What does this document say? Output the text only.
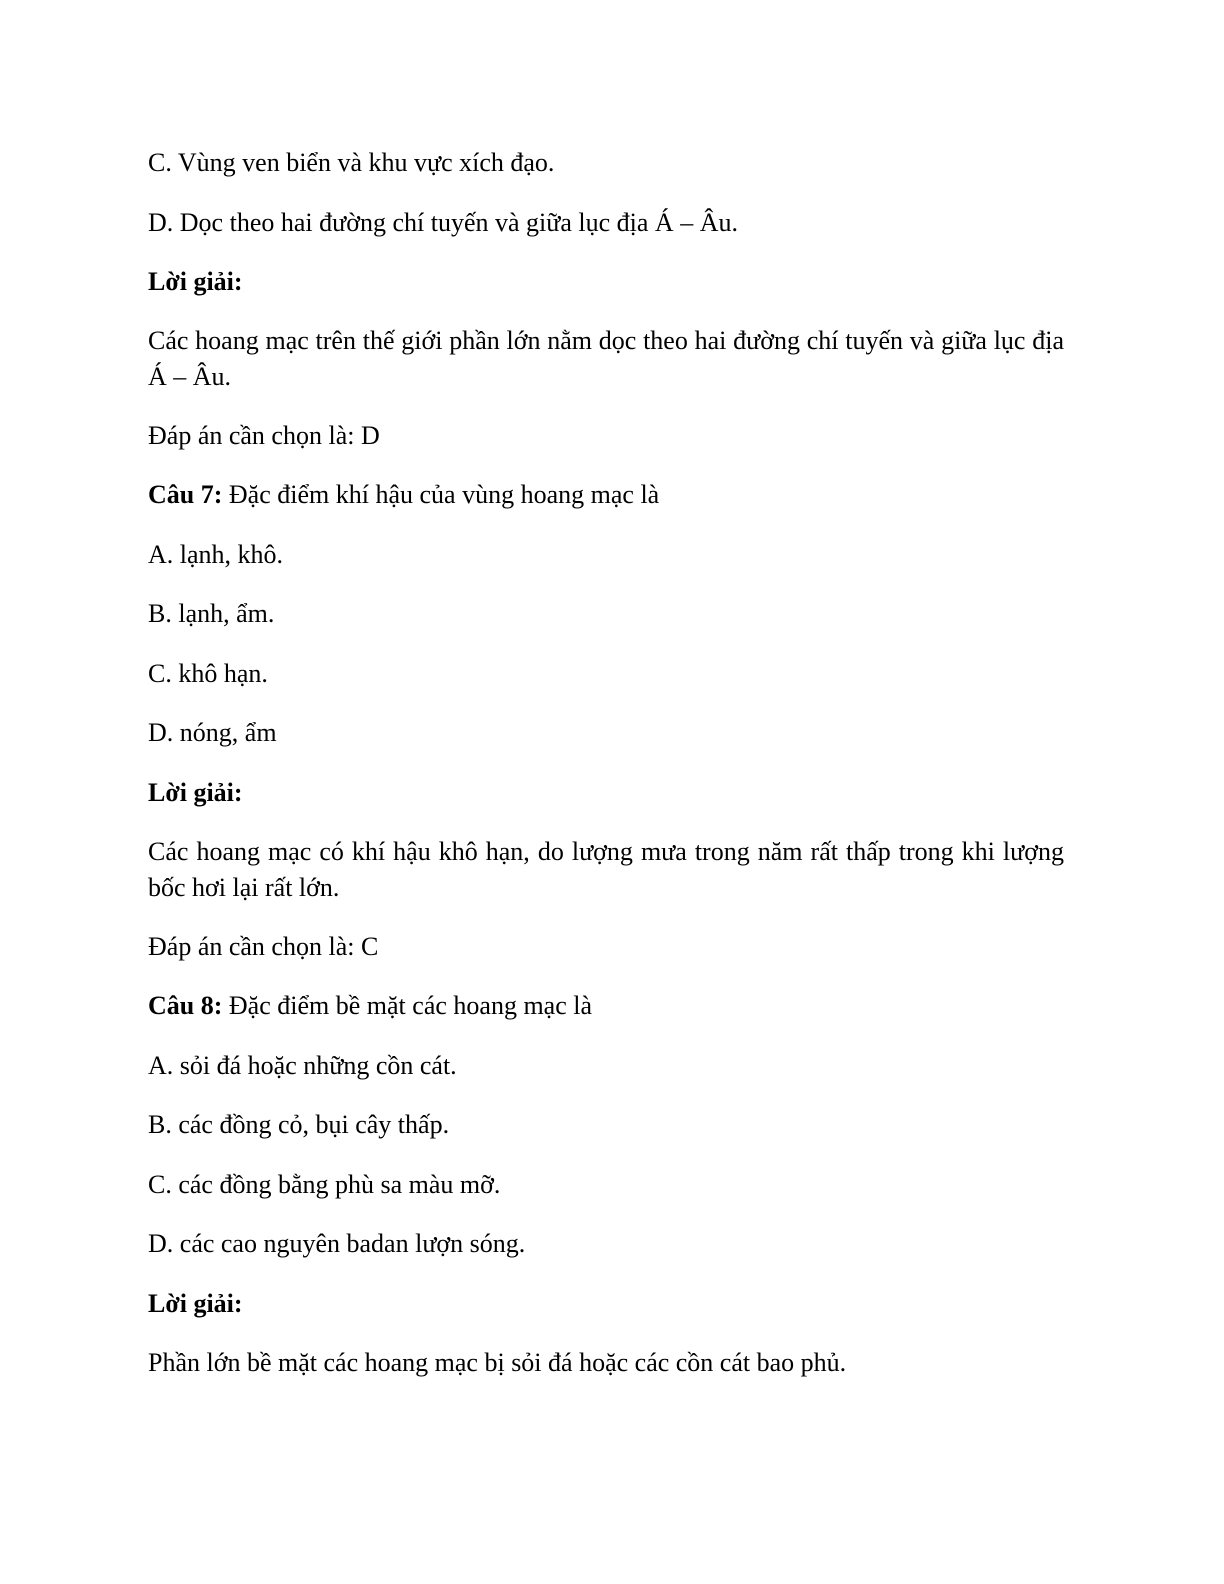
C. Vùng ven biển và khu vực xích đạo.
D. Dọc theo hai đường chí tuyến và giữa lục địa Á – Âu.
Lời giải:
Các hoang mạc trên thế giới phần lớn nằm dọc theo hai đường chí tuyến và giữa lục địa Á – Âu.
Đáp án cần chọn là: D
Câu 7: Đặc điểm khí hậu của vùng hoang mạc là
A. lạnh, khô.
B. lạnh, ẩm.
C. khô hạn.
D. nóng, ẩm
Lời giải:
Các hoang mạc có khí hậu khô hạn, do lượng mưa trong năm rất thấp trong khi lượng bốc hơi lại rất lớn.
Đáp án cần chọn là: C
Câu 8: Đặc điểm bề mặt các hoang mạc là
A. sỏi đá hoặc những cồn cát.
B. các đồng cỏ, bụi cây thấp.
C. các đồng bằng phù sa màu mỡ.
D. các cao nguyên badan lượn sóng.
Lời giải:
Phần lớn bề mặt các hoang mạc bị sỏi đá hoặc các cồn cát bao phủ.
